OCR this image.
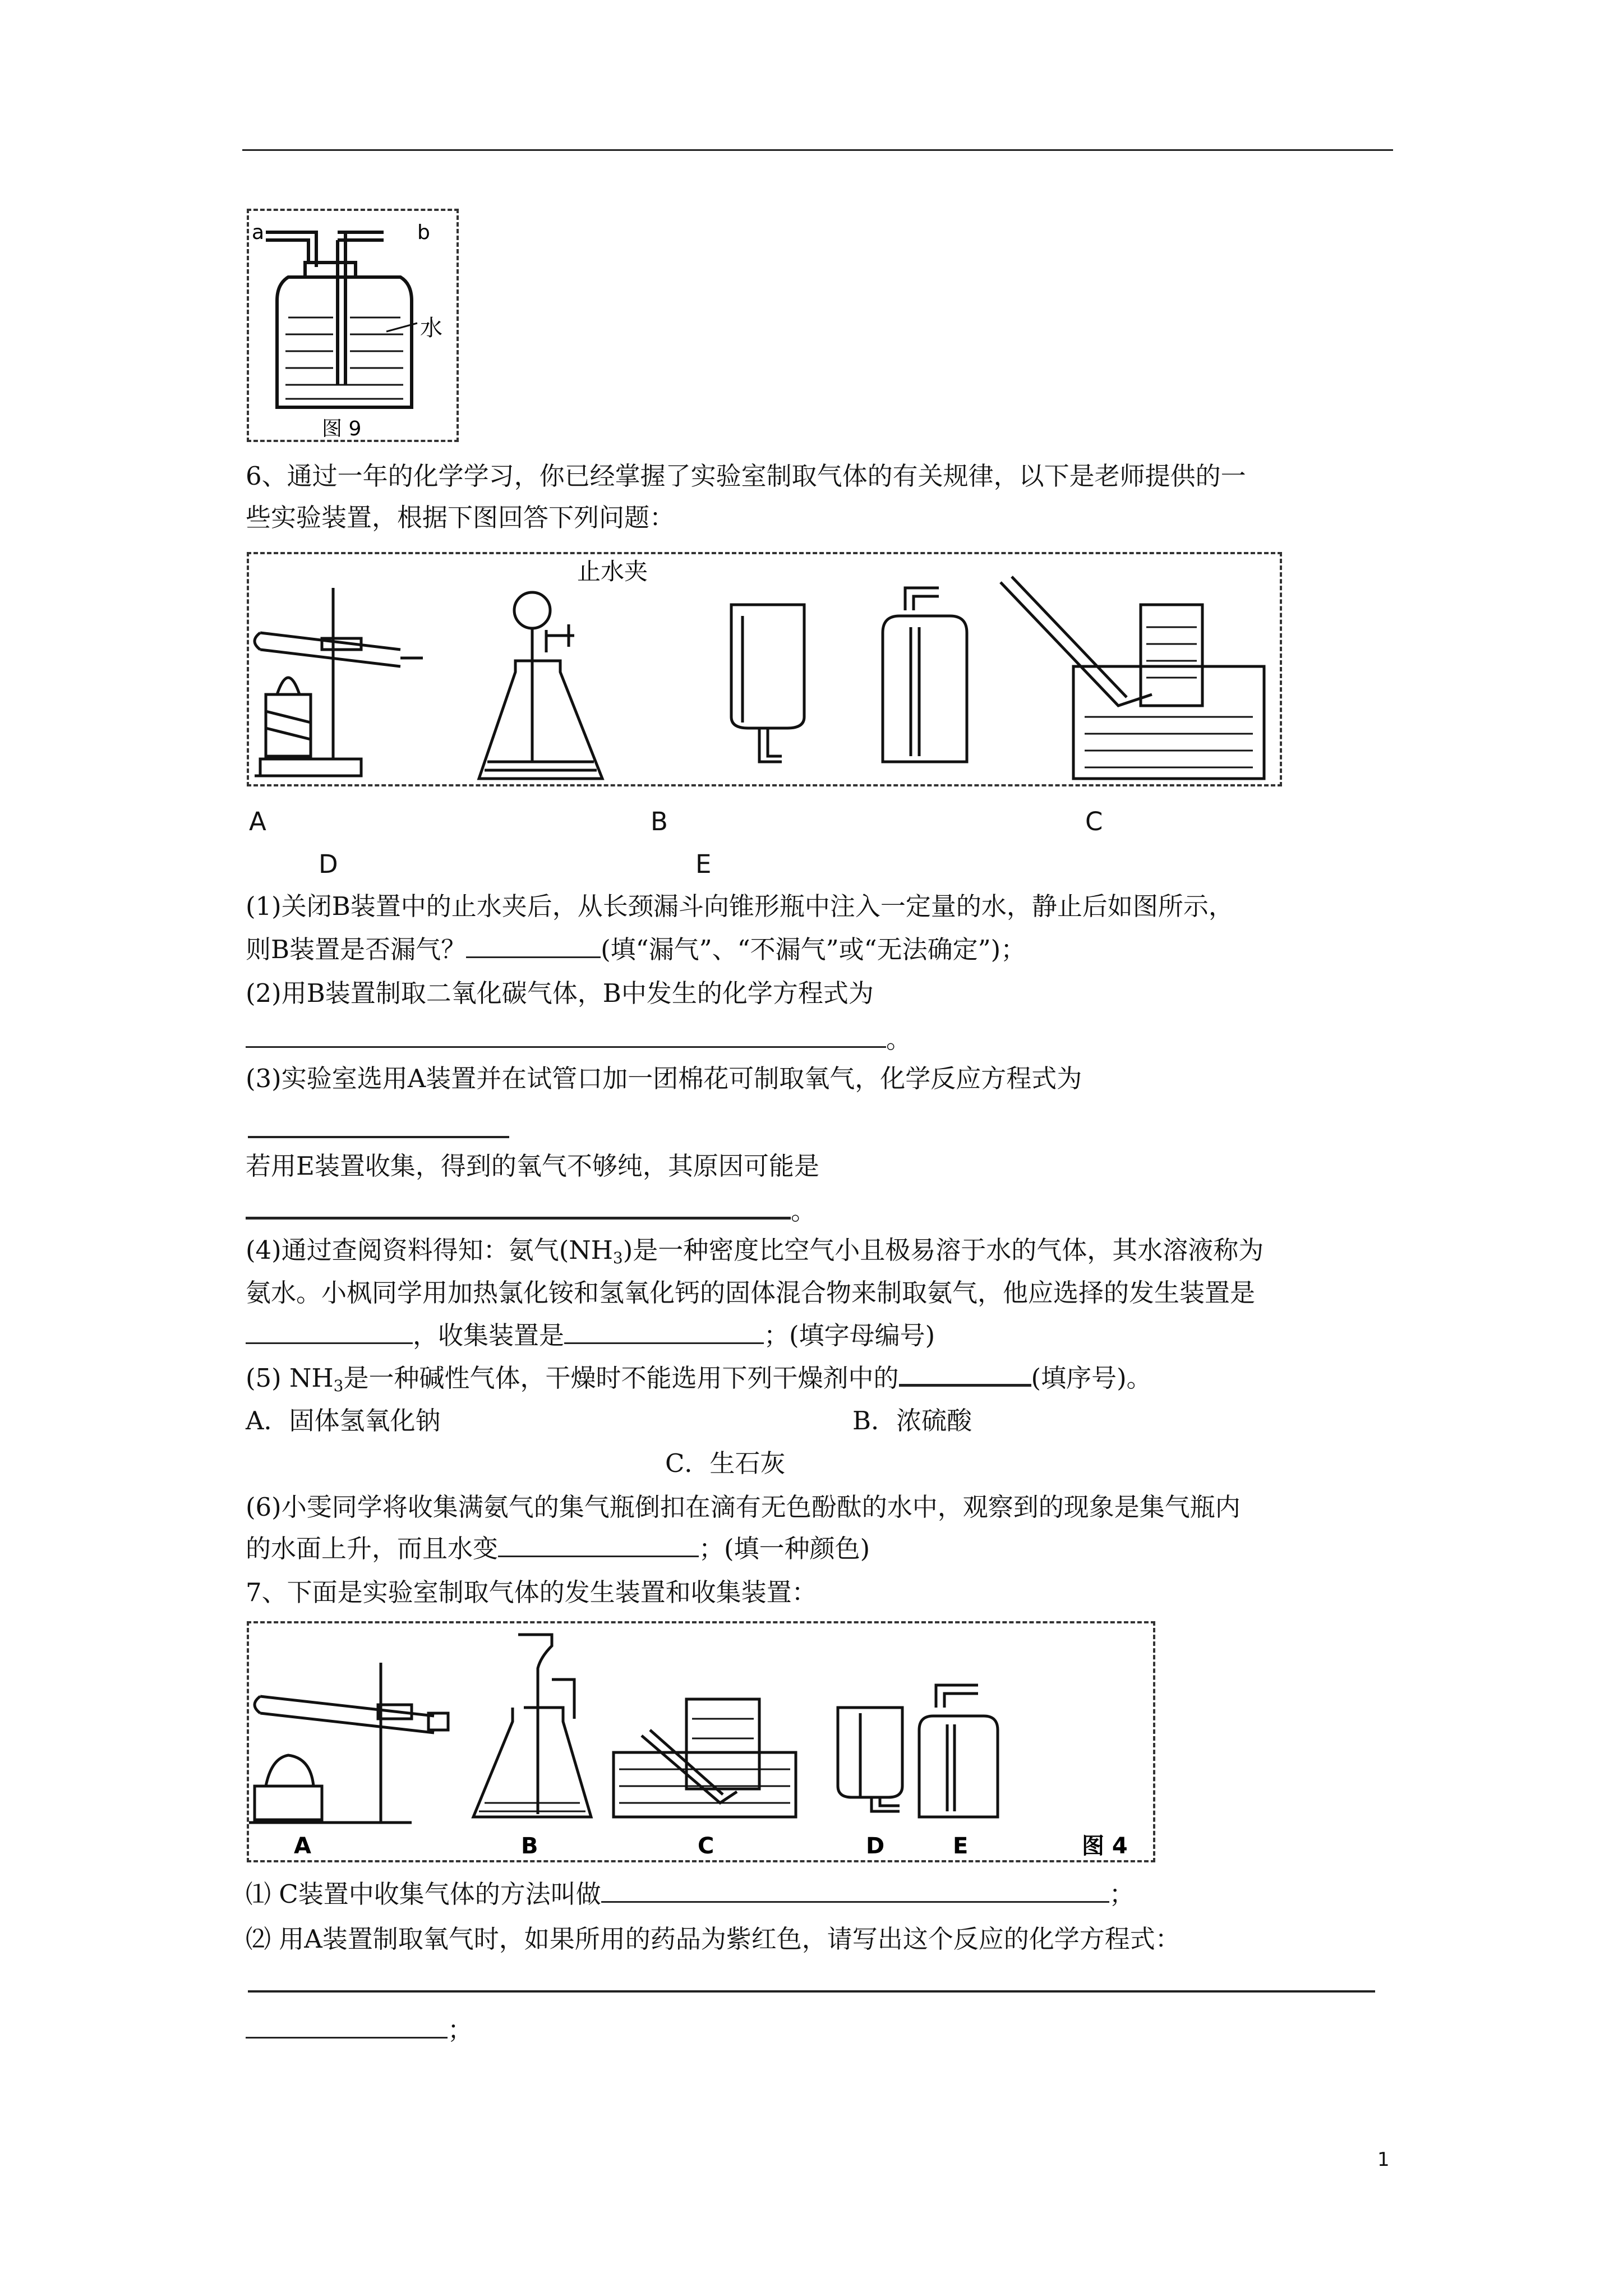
a	b
水
图 9
6、通过一年的化学学习，你已经掌握了实验室制取气体的有关规律，以下是老师提供的一
些实验装置，根据下图回答下列问题：
止水夹
A	B	C
D	E
(1)关闭B装置中的止水夹后，从长颈漏斗向锥形瓶中注入一定量的水，静止后如图所示，
则B装置是否漏气？	(填“漏气”、“不漏气”或“无法确定”)；
(2)用B装置制取二氧化碳气体，B中发生的化学方程式为
。
(3)实验室选用A装置并在试管口加一团棉花可制取氧气，化学反应方程式为
若用E装置收集，得到的氧气不够纯，其原因可能是
。
(4)通过查阅资料得知：氨气$(NH_3)$是一种密度比空气小且极易溶于水的气体，其水溶液称为
氨水。小枫同学用加热氯化铵和氢氧化钙的固体混合物来制取氨气，他应选择的发生装置是
，收集装置是	；(填字母编号)
(5) $NH_3$是一种碱性气体，干燥时不能选用下列干燥剂中的	(填序号)。
A．固体氢氧化钠	B．浓硫酸
C．生石灰
(6)小雯同学将收集满氨气的集气瓶倒扣在滴有无色酚酞的水中，观察到的现象是集气瓶内
的水面上升，而且水变	；(填一种颜色)
7、下面是实验室制取气体的发生装置和收集装置：
A	B	C	D	E	图 4
⑴ C装置中收集气体的方法叫做	；
⑵ 用A装置制取氧气时，如果所用的药品为紫红色，请写出这个反应的化学方程式：
；
1
